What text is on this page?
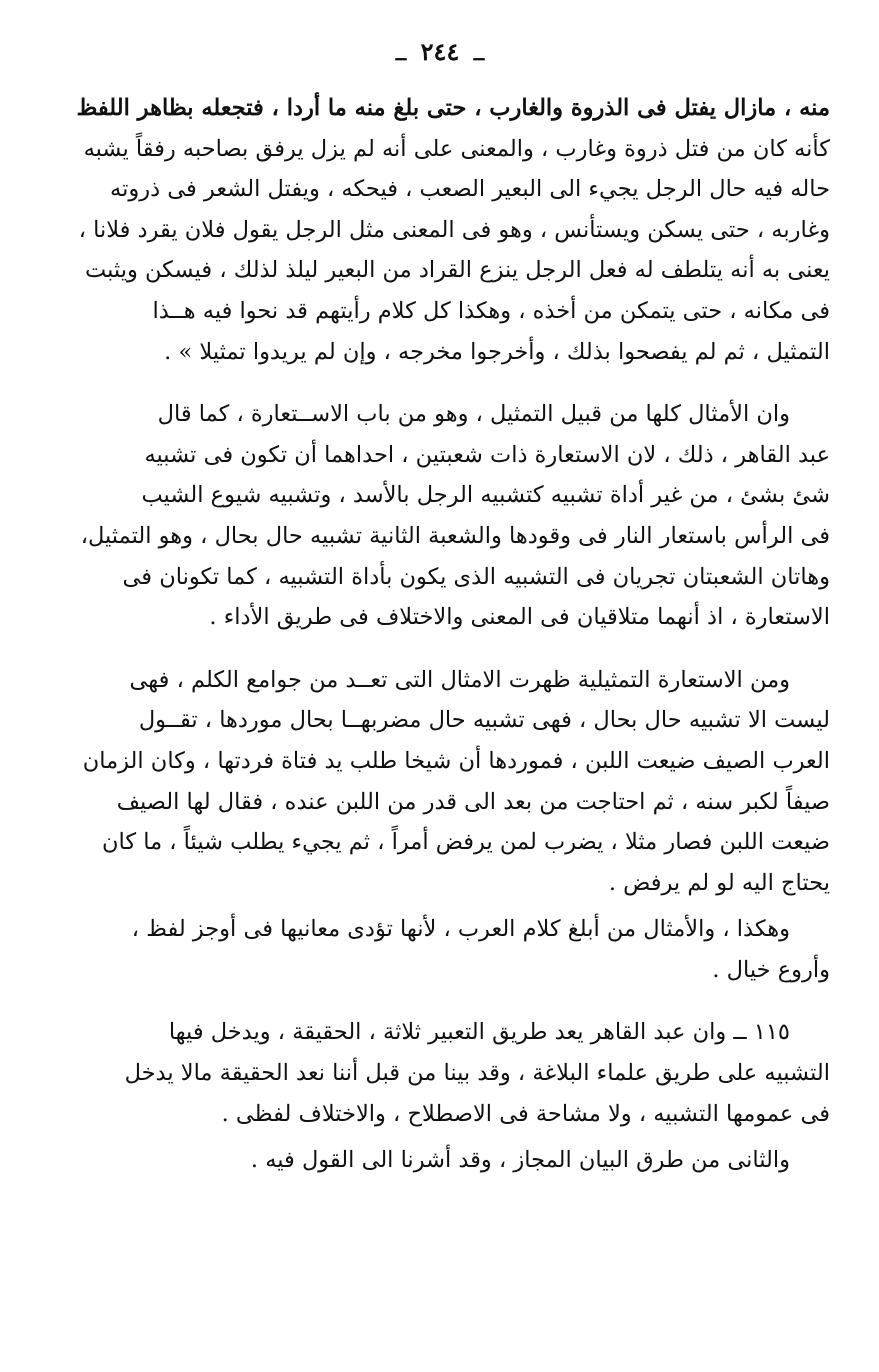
ــ ٢٤٤ ــ

منه ، مازال يفتل فى الذروة والغارب ، حتى بلغ منه ما أردا ، فتجعله بظاهر اللفظ

كأنه كان من فتل ذروة وغارب ، والمعنى على أنه لم يزل يرفق بصاحبه رفقاً يشبه

حاله فيه حال الرجل يجيء الى البعير الصعب ، فيحكه ، ويفتل الشعر فى ذروته

وغاربه ، حتى يسكن ويستأنس ، وهو فى المعنى مثل الرجل يقول فلان يقرد فلانا ،

يعنى به أنه يتلطف له فعل الرجل ينزع القراد من البعير ليلذ لذلك ، فيسكن ويثبت

فى مكانه ، حتى يتمكن من أخذه ، وهكذا كل كلام رأيتهم قد نحوا فيه هــذا

التمثيل ، ثم لم يفصحوا بذلك ، وأخرجوا مخرجه ، وإن لم يريدوا تمثيلا » .

وان الأمثال كلها من قبيل التمثيل ، وهو من باب الاســتعارة ، كما قال

عبد القاهر ، ذلك ، لان الاستعارة ذات شعبتين ، احداهما أن تكون فى تشبيه

شئ بشئ ، من غير أداة تشبيه كتشبيه الرجل بالأسد ، وتشبيه شيوع الشيب

فى الرأس باستعار النار فى وقودها والشعبة الثانية تشبيه حال بحال ، وهو التمثيل،

وهاتان الشعبتان تجريان فى التشبيه الذى يكون بأداة التشبيه ، كما تكونان فى

الاستعارة ، اذ أنهما متلاقيان فى المعنى والاختلاف فى طريق الأداء .

ومن الاستعارة التمثيلية ظهرت الامثال التى تعــد من جوامع الكلم ، فهى

ليست الا تشبيه حال بحال ، فهى تشبيه حال مضربهــا بحال موردها ، تقــول

العرب الصيف ضيعت اللبن ، فموردها أن شيخا طلب يد فتاة فردتها ، وكان الزمان

صيفاً لكبر سنه ، ثم احتاجت من بعد الى قدر من اللبن عنده ، فقال لها الصيف

ضيعت اللبن فصار مثلا ، يضرب لمن يرفض أمراً ، ثم يجيء يطلب شيئاً ، ما كان

يحتاج اليه لو لم يرفض .

وهكذا ، والأمثال من أبلغ كلام العرب ، لأنها تؤدى معانيها فى أوجز لفظ ،

وأروع خيال .

١١٥ ــ وان عبد القاهر يعد طريق التعبير ثلاثة ، الحقيقة ، ويدخل فيها

التشبيه على طريق علماء البلاغة ، وقد بينا من قبل أننا نعد الحقيقة مالا يدخل

فى عمومها التشبيه ، ولا مشاحة فى الاصطلاح ، والاختلاف لفظى .

والثانى من طرق البيان المجاز ، وقد أشرنا الى القول فيه .
